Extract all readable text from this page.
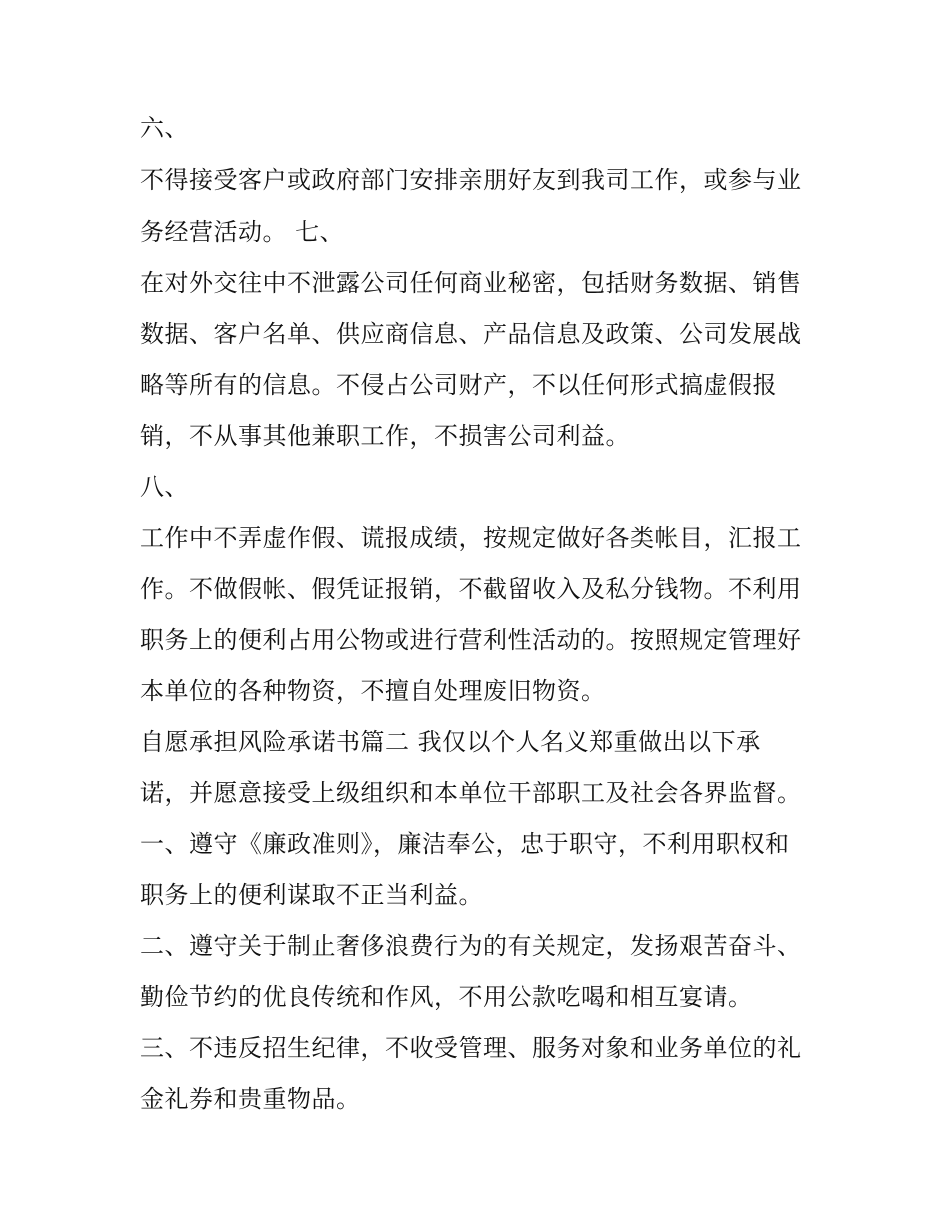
六、
不得接受客户或政府部门安排亲朋好友到我司工作，或参与业
务经营活动。 七、
在对外交往中不泄露公司任何商业秘密，包括财务数据、销售
数据、客户名单、供应商信息、产品信息及政策、公司发展战
略等所有的信息。不侵占公司财产，不以任何形式搞虚假报
销，不从事其他兼职工作，不损害公司利益。
八、
工作中不弄虚作假、谎报成绩，按规定做好各类帐目，汇报工
作。不做假帐、假凭证报销，不截留收入及私分钱物。不利用
职务上的便利占用公物或进行营利性活动的。按照规定管理好
本单位的各种物资，不擅自处理废旧物资。
自愿承担风险承诺书篇二 我仅以个人名义郑重做出以下承
诺，并愿意接受上级组织和本单位干部职工及社会各界监督。
一、遵守《廉政准则》，廉洁奉公，忠于职守，不利用职权和
职务上的便利谋取不正当利益。
二、遵守关于制止奢侈浪费行为的有关规定，发扬艰苦奋斗、
勤俭节约的优良传统和作风，不用公款吃喝和相互宴请。
三、不违反招生纪律，不收受管理、服务对象和业务单位的礼
金礼券和贵重物品。
